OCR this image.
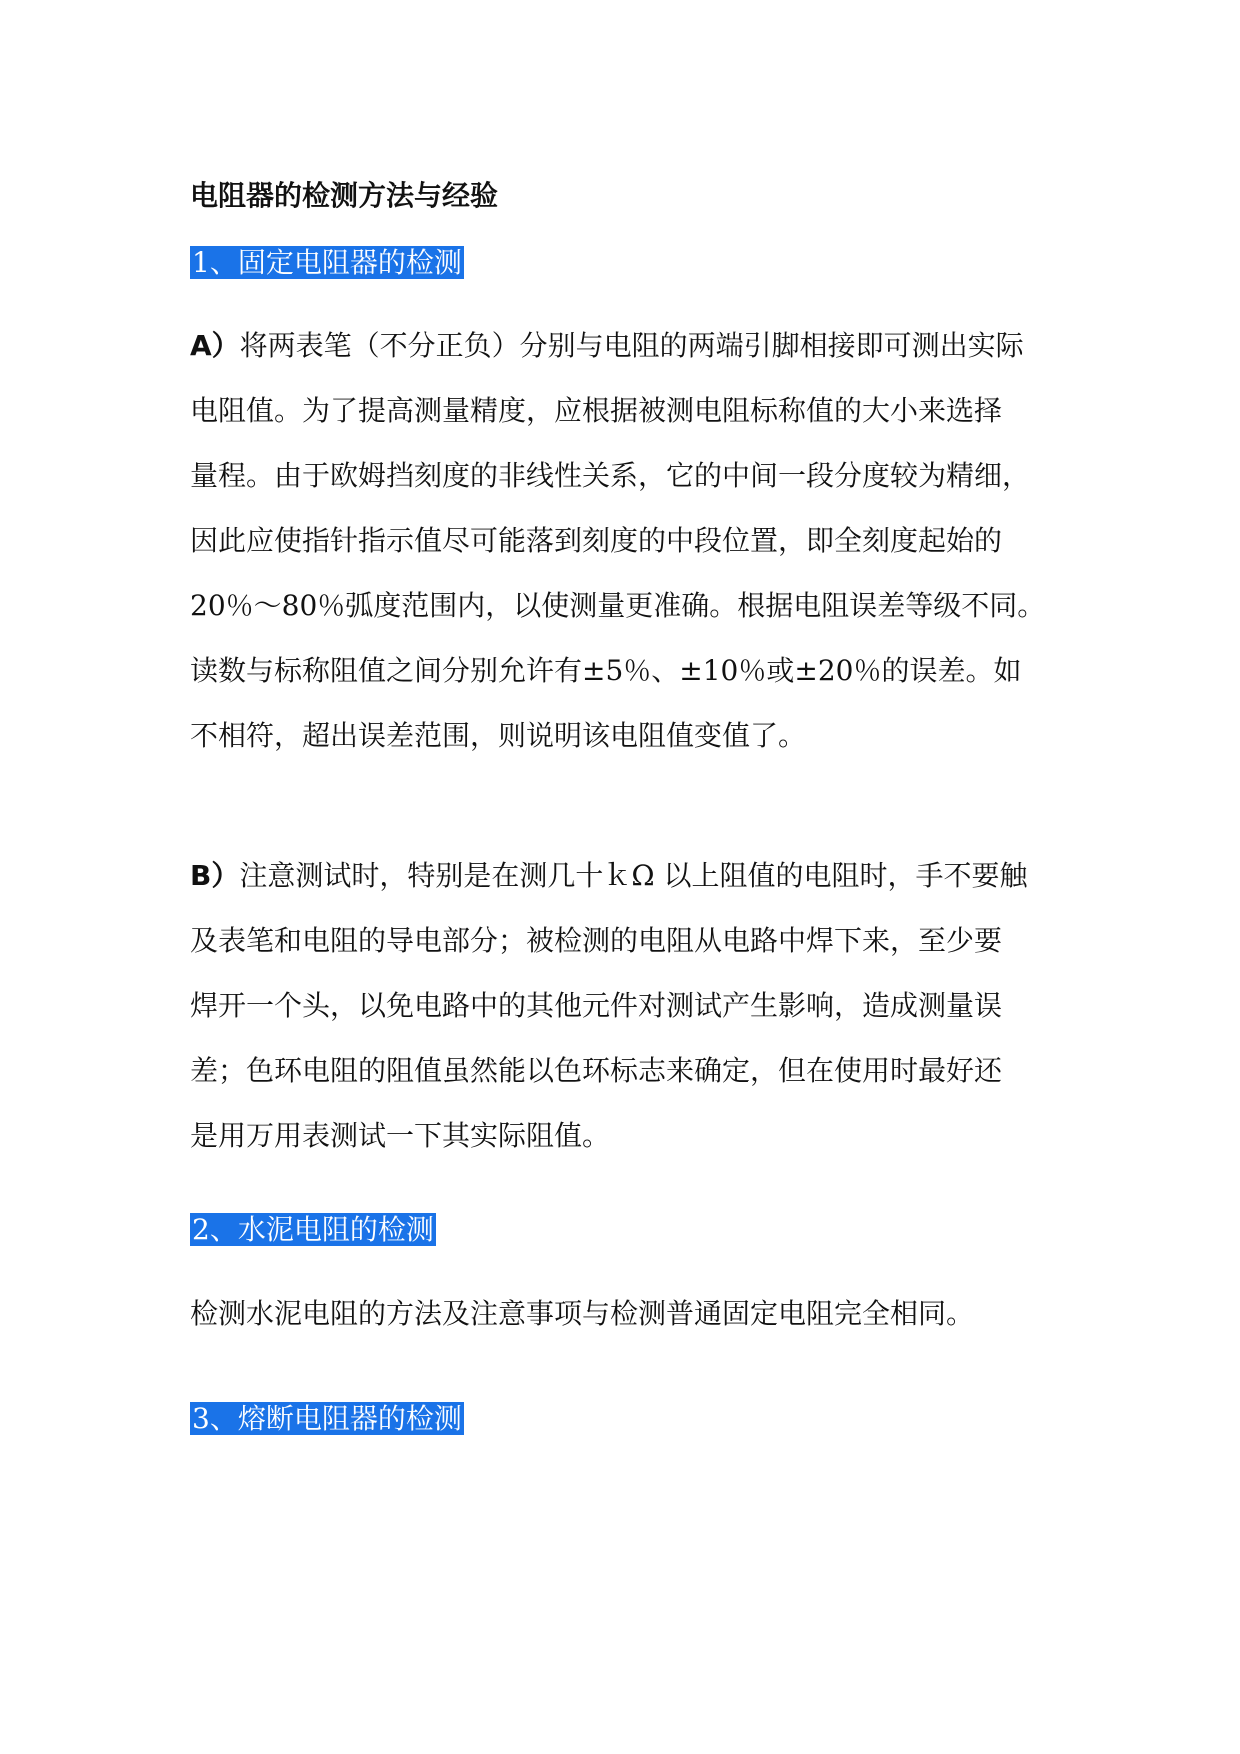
电阻器的检测方法与经验
1、固定电阻器的检测
A）将两表笔（不分正负）分别与电阻的两端引脚相接即可测出实际
电阻值。为了提高测量精度，应根据被测电阻标称值的大小来选择
量程。由于欧姆挡刻度的非线性关系，它的中间一段分度较为精细，
因此应使指针指示值尽可能落到刻度的中段位置，即全刻度起始的
20％～80％弧度范围内，以使测量更准确。根据电阻误差等级不同。
读数与标称阻值之间分别允许有±5％、±10％或±20％的误差。如
不相符，超出误差范围，则说明该电阻值变值了。
B）注意测试时，特别是在测几十ｋΩ 以上阻值的电阻时，手不要触
及表笔和电阻的导电部分；被检测的电阻从电路中焊下来，至少要
焊开一个头，以免电路中的其他元件对测试产生影响，造成测量误
差；色环电阻的阻值虽然能以色环标志来确定，但在使用时最好还
是用万用表测试一下其实际阻值。
2、水泥电阻的检测
检测水泥电阻的方法及注意事项与检测普通固定电阻完全相同。
3、熔断电阻器的检测
